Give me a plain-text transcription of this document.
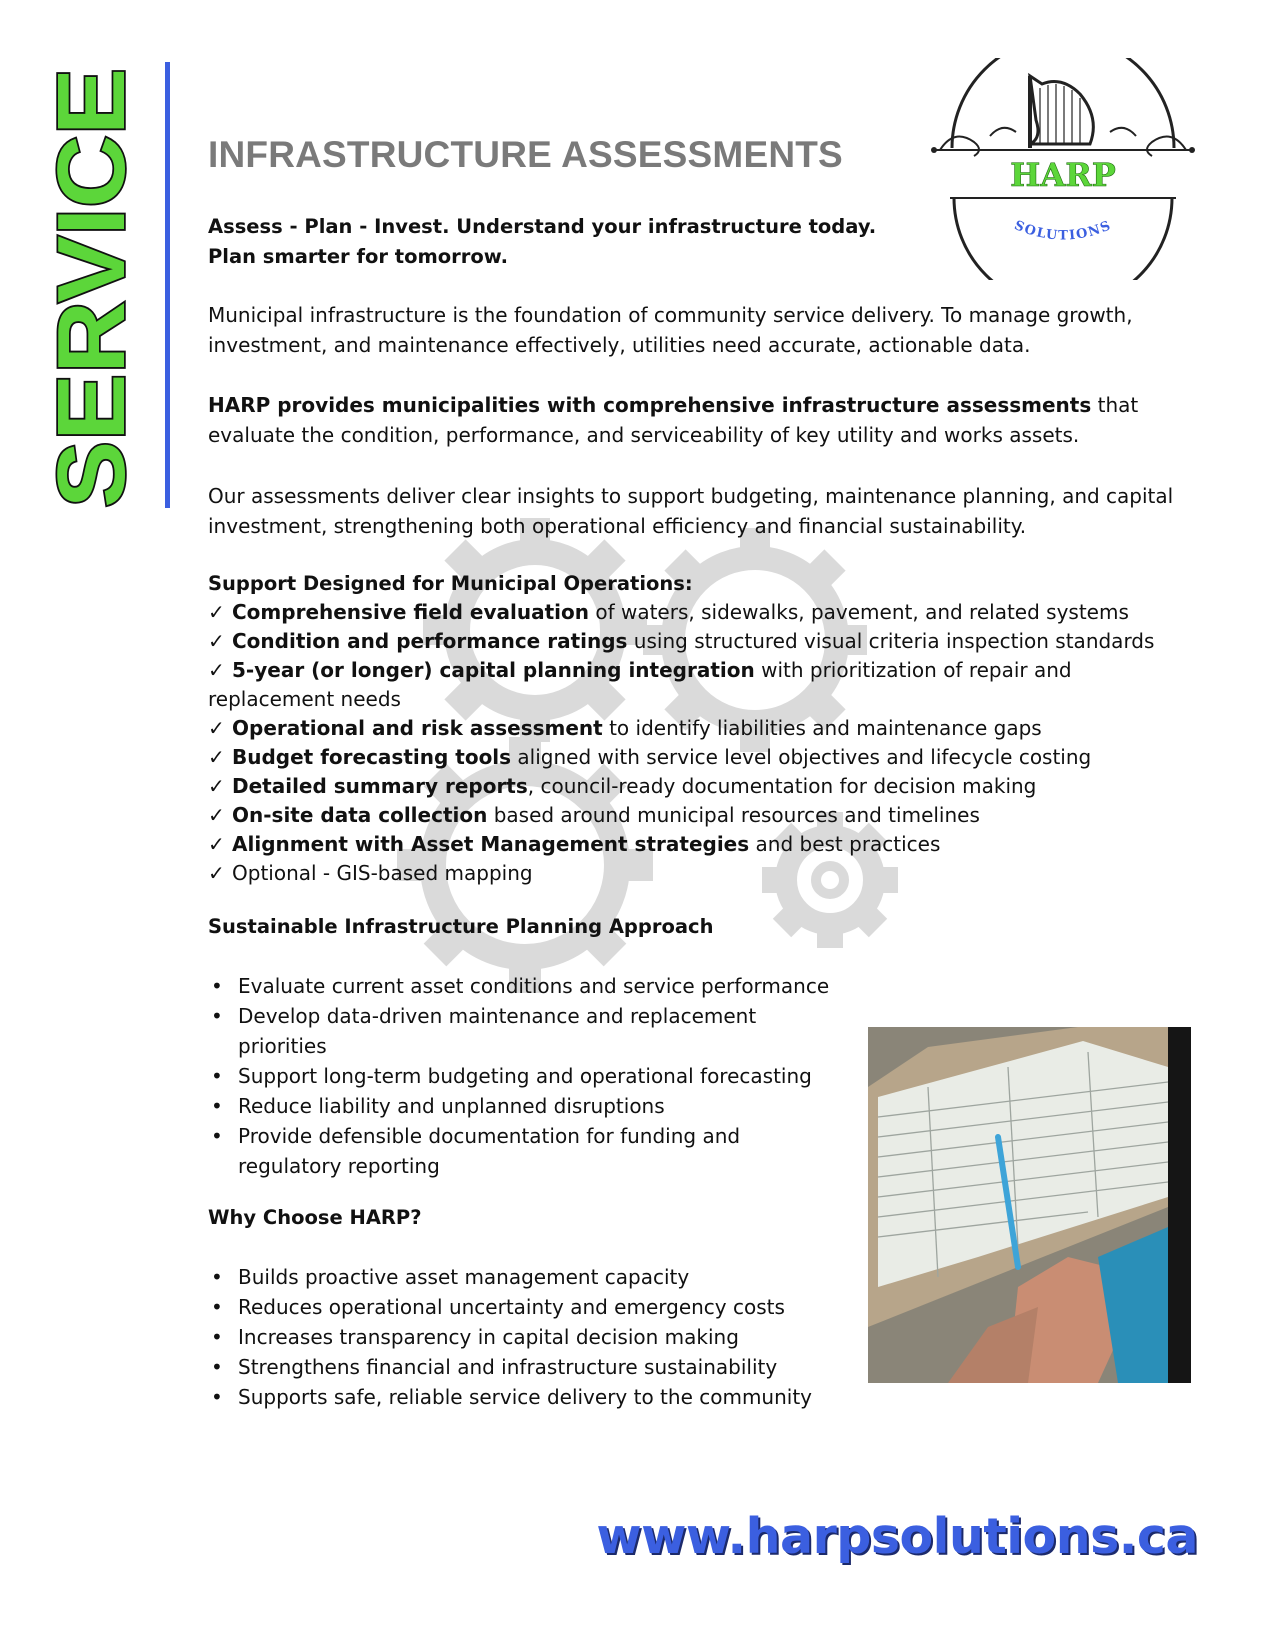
SERVICE	HARP
SOLUTIONS
INFRASTRUCTURE ASSESSMENTS

Assess - Plan - Invest. Understand your infrastructure today. Plan smarter for tomorrow.

Municipal infrastructure is the foundation of community service delivery. To manage growth, investment, and maintenance effectively, utilities need accurate, actionable data.

HARP provides municipalities with comprehensive infrastructure assessments that evaluate the condition, performance, and serviceability of key utility and works assets.

Our assessments deliver clear insights to support budgeting, maintenance planning, and capital investment, strengthening both operational efficiency and financial sustainability.

Support Designed for Municipal Operations:
✓ Comprehensive field evaluation of waters, sidewalks, pavement, and related systems
✓ Condition and performance ratings using structured visual criteria inspection standards
✓ 5-year (or longer) capital planning integration with prioritization of repair and replacement needs
✓ Operational and risk assessment to identify liabilities and maintenance gaps
✓ Budget forecasting tools aligned with service level objectives and lifecycle costing
✓ Detailed summary reports, council-ready documentation for decision making
✓ On-site data collection based around municipal resources and timelines
✓ Alignment with Asset Management strategies and best practices
✓ Optional - GIS-based mapping
Sustainable Infrastructure Planning Approach
• Evaluate current asset conditions and service performance
• Develop data-driven maintenance and replacement priorities
• Support long-term budgeting and operational forecasting
• Reduce liability and unplanned disruptions
• Provide defensible documentation for funding and regulatory reporting
Why Choose HARP?
• Builds proactive asset management capacity
• Reduces operational uncertainty and emergency costs
• Increases transparency in capital decision making
• Strengthens financial and infrastructure sustainability
• Supports safe, reliable service delivery to the community

www.harpsolutions.ca
